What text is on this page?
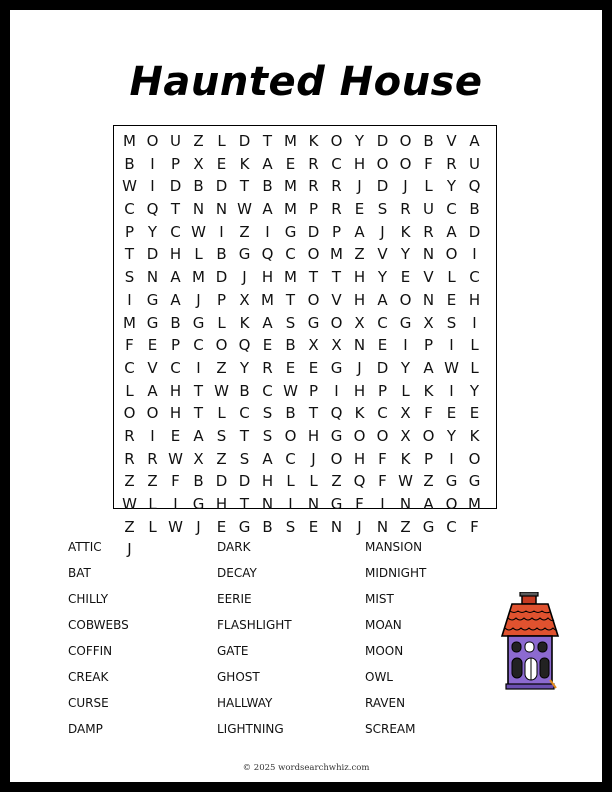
Haunted House
M O U Z L D T M K O Y D O B V A
B	I	P X E K A E R C H O O F R U
W I	D B D T B M R R	J	D	J	L Y Q
C Q T N N W A M P R E S R U C B
P Y C W I	Z	I G D P A	J	K R A D
T D H L B G Q C O M Z V Y N O I
S N A M D	J	H M T T H Y E V L C
I G A	J	P X M T O V H A O N E H
M G B G L K A S G O X C G X S	I
F E P C O Q E B X X N E	I	P	I	L
C V C	I	Z Y R E E G J	D Y A W L
L A H T W B C W P	I	H P L K	I	Y
O O H T L C S B T Q K C X F E E
R	I	E A S T S O H G O O X O Y K
R R W X Z S A C	J O H F K P	I O
Z Z F B D D H L L Z Q F W Z G G
W L	I G H T N	I	N G F	I	N A O M
Z L W J	E G B S E N	J	N Z G C F
J
ATTIC
BAT
CHILLY
COBWEBS
COFFIN
CREAK
CURSE
DAMP
DARK
DECAY
EERIE
FLASHLIGHT
GATE
GHOST
HALLWAY
LIGHTNING
MANSION
MIDNIGHT
MIST
MOAN
MOON
OWL
RAVEN
SCREAM
© 2025 wordsearchwhiz.com
